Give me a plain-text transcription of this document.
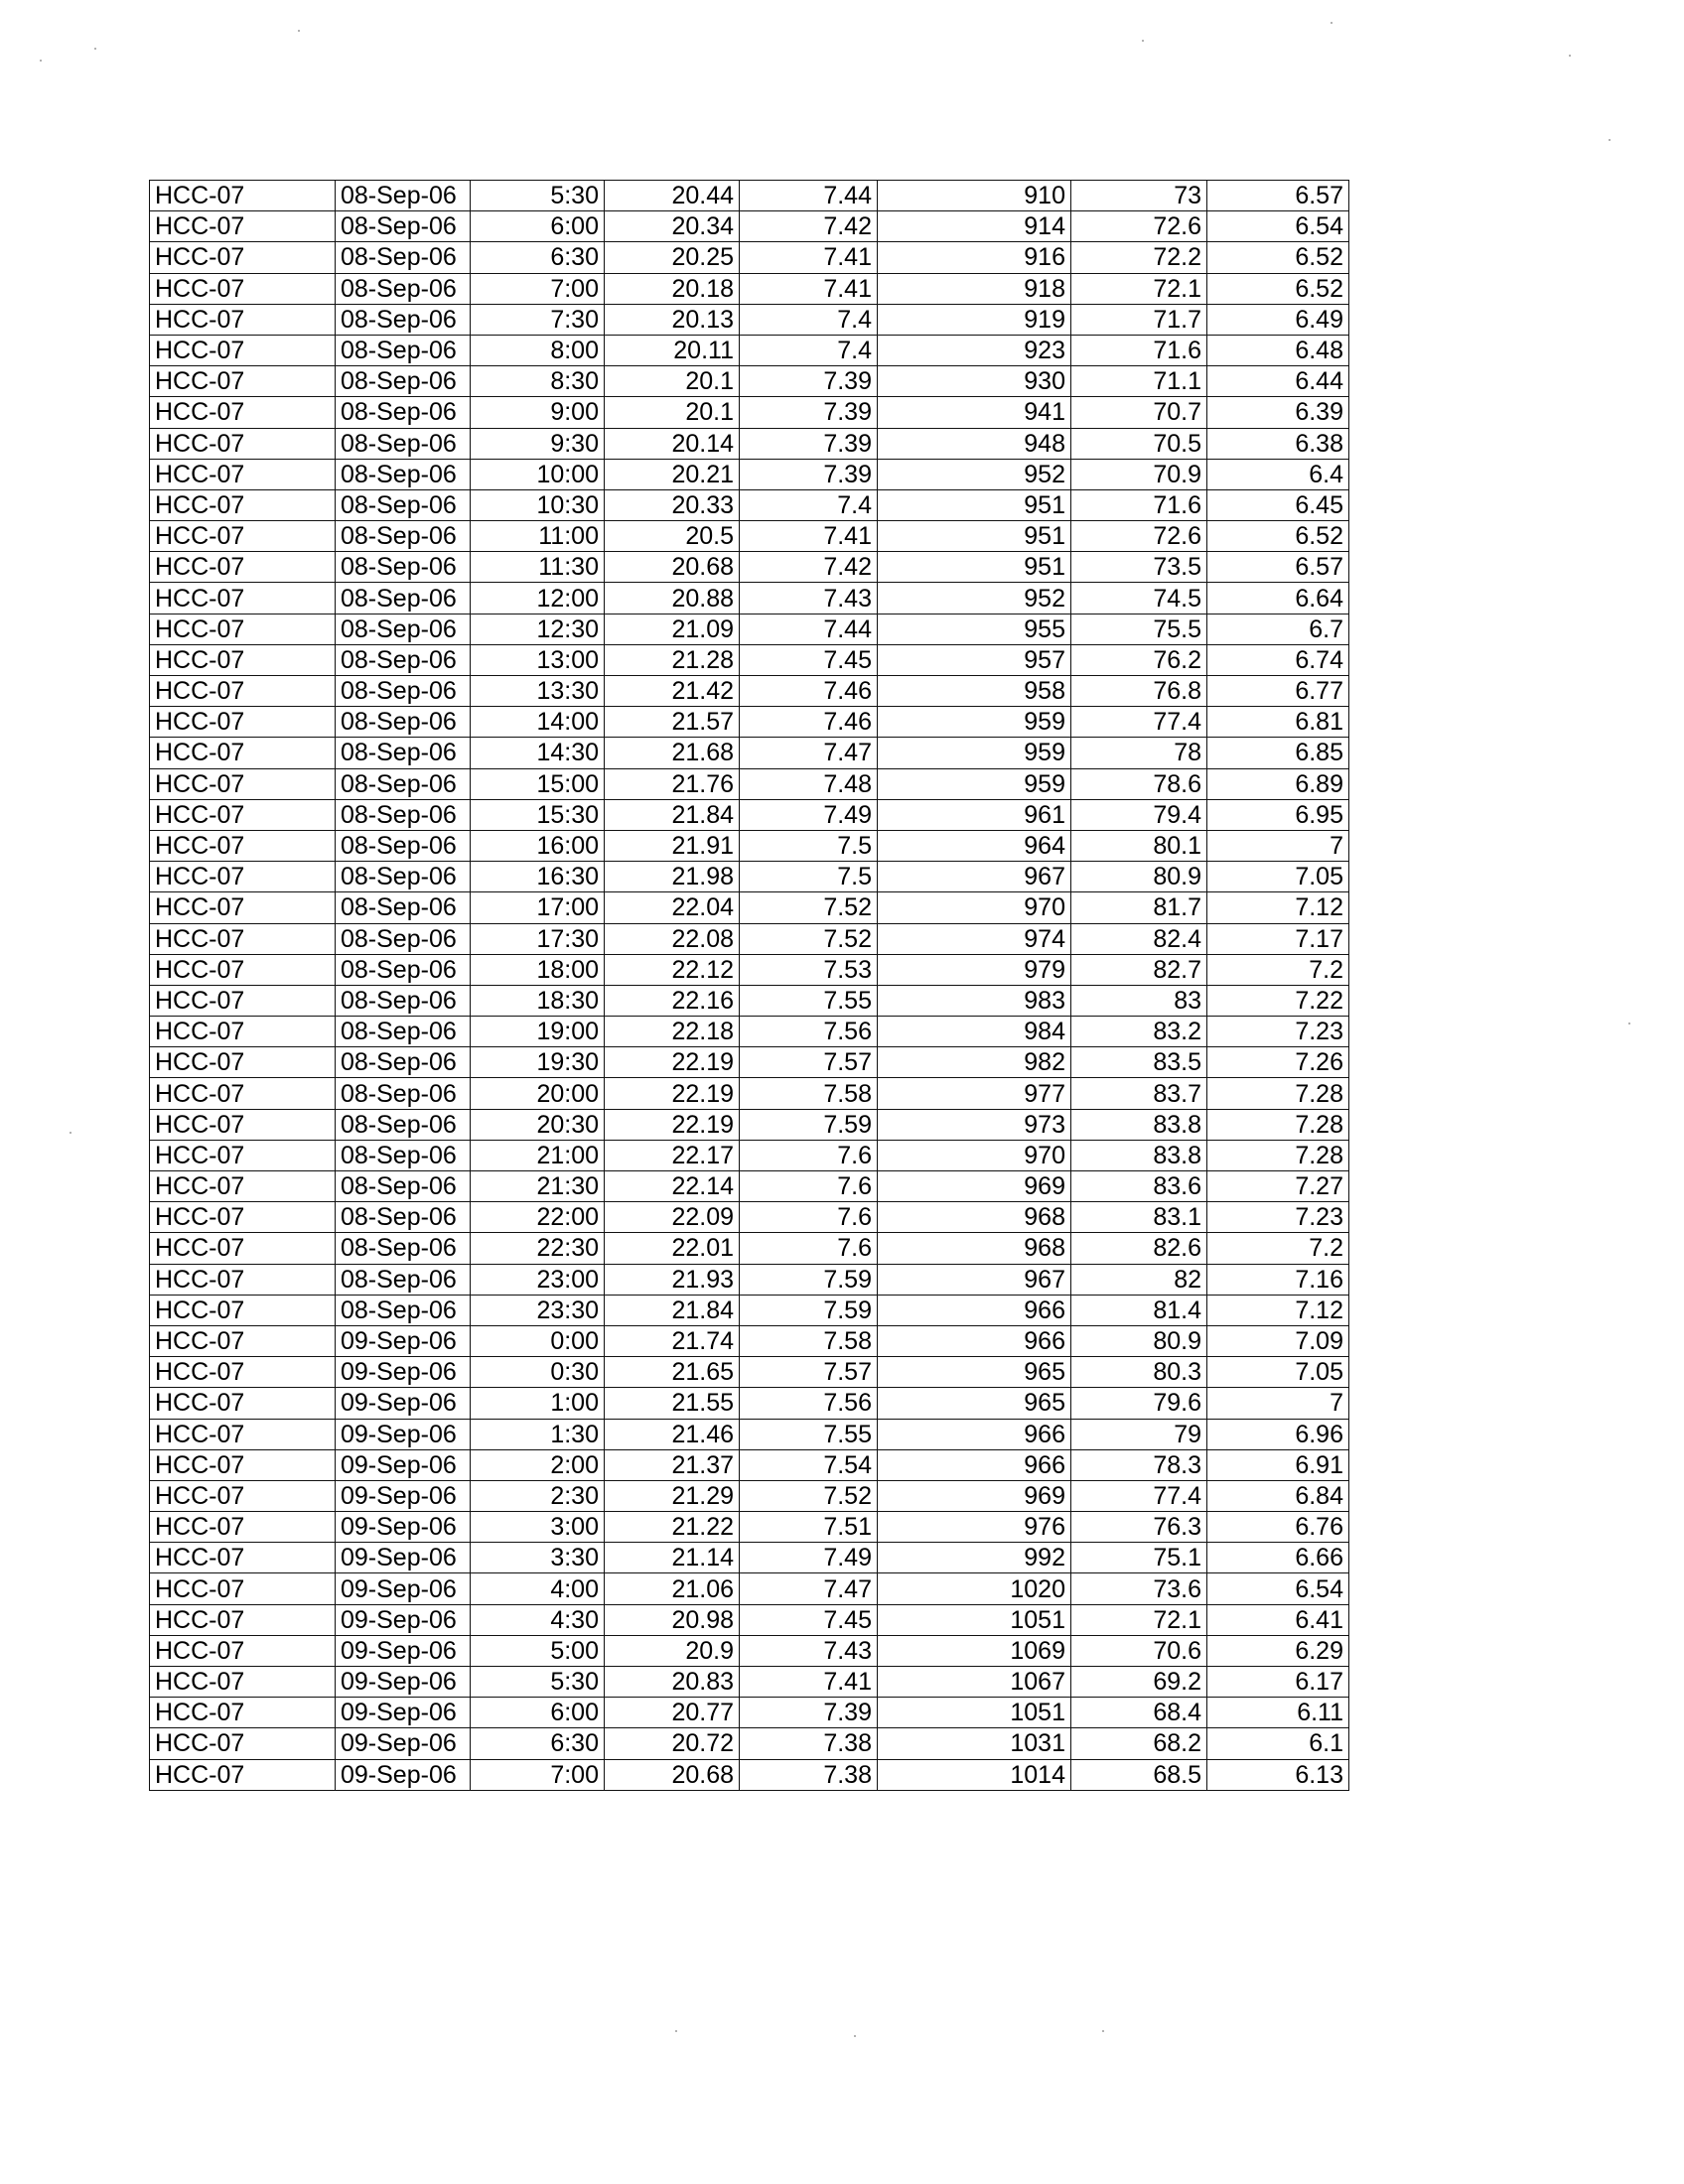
HCC-07	08-Sep-06	5:30	20.44	7.44	910	73	6.57
HCC-07	08-Sep-06	6:00	20.34	7.42	914	72.6	6.54
HCC-07	08-Sep-06	6:30	20.25	7.41	916	72.2	6.52
HCC-07	08-Sep-06	7:00	20.18	7.41	918	72.1	6.52
HCC-07	08-Sep-06	7:30	20.13	7.4	919	71.7	6.49
HCC-07	08-Sep-06	8:00	20.11	7.4	923	71.6	6.48
HCC-07	08-Sep-06	8:30	20.1	7.39	930	71.1	6.44
HCC-07	08-Sep-06	9:00	20.1	7.39	941	70.7	6.39
HCC-07	08-Sep-06	9:30	20.14	7.39	948	70.5	6.38
HCC-07	08-Sep-06	10:00	20.21	7.39	952	70.9	6.4
HCC-07	08-Sep-06	10:30	20.33	7.4	951	71.6	6.45
HCC-07	08-Sep-06	11:00	20.5	7.41	951	72.6	6.52
HCC-07	08-Sep-06	11:30	20.68	7.42	951	73.5	6.57
HCC-07	08-Sep-06	12:00	20.88	7.43	952	74.5	6.64
HCC-07	08-Sep-06	12:30	21.09	7.44	955	75.5	6.7
HCC-07	08-Sep-06	13:00	21.28	7.45	957	76.2	6.74
HCC-07	08-Sep-06	13:30	21.42	7.46	958	76.8	6.77
HCC-07	08-Sep-06	14:00	21.57	7.46	959	77.4	6.81
HCC-07	08-Sep-06	14:30	21.68	7.47	959	78	6.85
HCC-07	08-Sep-06	15:00	21.76	7.48	959	78.6	6.89
HCC-07	08-Sep-06	15:30	21.84	7.49	961	79.4	6.95
HCC-07	08-Sep-06	16:00	21.91	7.5	964	80.1	7
HCC-07	08-Sep-06	16:30	21.98	7.5	967	80.9	7.05
HCC-07	08-Sep-06	17:00	22.04	7.52	970	81.7	7.12
HCC-07	08-Sep-06	17:30	22.08	7.52	974	82.4	7.17
HCC-07	08-Sep-06	18:00	22.12	7.53	979	82.7	7.2
HCC-07	08-Sep-06	18:30	22.16	7.55	983	83	7.22
HCC-07	08-Sep-06	19:00	22.18	7.56	984	83.2	7.23
HCC-07	08-Sep-06	19:30	22.19	7.57	982	83.5	7.26
HCC-07	08-Sep-06	20:00	22.19	7.58	977	83.7	7.28
HCC-07	08-Sep-06	20:30	22.19	7.59	973	83.8	7.28
HCC-07	08-Sep-06	21:00	22.17	7.6	970	83.8	7.28
HCC-07	08-Sep-06	21:30	22.14	7.6	969	83.6	7.27
HCC-07	08-Sep-06	22:00	22.09	7.6	968	83.1	7.23
HCC-07	08-Sep-06	22:30	22.01	7.6	968	82.6	7.2
HCC-07	08-Sep-06	23:00	21.93	7.59	967	82	7.16
HCC-07	08-Sep-06	23:30	21.84	7.59	966	81.4	7.12
HCC-07	09-Sep-06	0:00	21.74	7.58	966	80.9	7.09
HCC-07	09-Sep-06	0:30	21.65	7.57	965	80.3	7.05
HCC-07	09-Sep-06	1:00	21.55	7.56	965	79.6	7
HCC-07	09-Sep-06	1:30	21.46	7.55	966	79	6.96
HCC-07	09-Sep-06	2:00	21.37	7.54	966	78.3	6.91
HCC-07	09-Sep-06	2:30	21.29	7.52	969	77.4	6.84
HCC-07	09-Sep-06	3:00	21.22	7.51	976	76.3	6.76
HCC-07	09-Sep-06	3:30	21.14	7.49	992	75.1	6.66
HCC-07	09-Sep-06	4:00	21.06	7.47	1020	73.6	6.54
HCC-07	09-Sep-06	4:30	20.98	7.45	1051	72.1	6.41
HCC-07	09-Sep-06	5:00	20.9	7.43	1069	70.6	6.29
HCC-07	09-Sep-06	5:30	20.83	7.41	1067	69.2	6.17
HCC-07	09-Sep-06	6:00	20.77	7.39	1051	68.4	6.11
HCC-07	09-Sep-06	6:30	20.72	7.38	1031	68.2	6.1
HCC-07	09-Sep-06	7:00	20.68	7.38	1014	68.5	6.13
